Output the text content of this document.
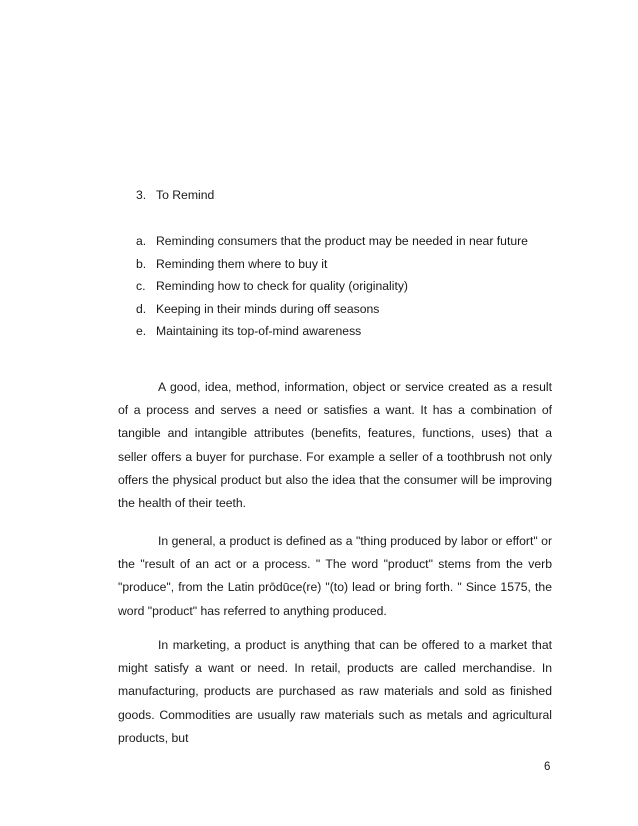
3. To Remind
a. Reminding consumers that the product may be needed in near future
b. Reminding them where to buy it
c. Reminding how to check for quality (originality)
d. Keeping in their minds during off seasons
e. Maintaining its top-of-mind awareness

A good, idea, method, information, object or service created as a result of a process and serves a need or satisfies a want. It has a combination of tangible and intangible attributes (benefits, features, functions, uses) that a seller offers a buyer for purchase. For example a seller of a toothbrush not only offers the physical product but also the idea that the consumer will be improving the health of their teeth.

In general, a product is defined as a "thing produced by labor or effort" or the "result of an act or a process. " The word "product" stems from the verb "produce", from the Latin prōdūce(re) "(to) lead or bring forth. " Since 1575, the word "product" has referred to anything produced.

In marketing, a product is anything that can be offered to a market that might satisfy a want or need. In retail, products are called merchandise. In manufacturing, products are purchased as raw materials and sold as finished goods. Commodities are usually raw materials such as metals and agricultural products, but

6
